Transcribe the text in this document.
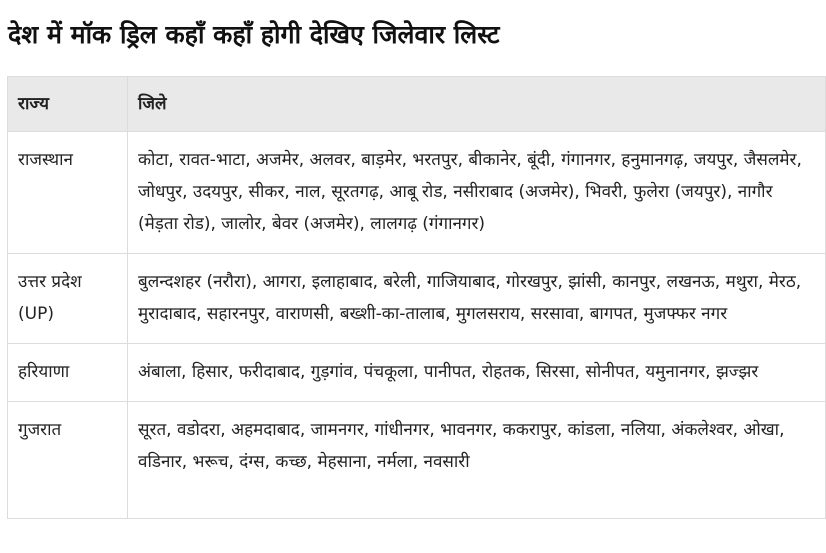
देश में मॉक ड्रिल कहाँ कहाँ होगी देखिए जिलेवार लिस्ट
राज्य	जिले
राजस्थान	कोटा, रावत-भाटा, अजमेर, अलवर, बाड़मेर, भरतपुर, बीकानेर, बूंदी, गंगानगर, हनुमानगढ़, जयपुर, जैसलमेर, जोधपुर, उदयपुर, सीकर, नाल, सूरतगढ़, आबू रोड, नसीराबाद (अजमेर), भिवरी, फुलेरा (जयपुर), नागौर (मेड़ता रोड), जालोर, बेवर (अजमेर), लालगढ़ (गंगानगर)
उत्तर प्रदेश (UP)	बुलन्दशहर (नरौरा), आगरा, इलाहाबाद, बरेली, गाजियाबाद, गोरखपुर, झांसी, कानपुर, लखनऊ, मथुरा, मेरठ, मुरादाबाद, सहारनपुर, वाराणसी, बख्शी-का-तालाब, मुगलसराय, सरसावा, बागपत, मुजफ्फर नगर
हरियाणा	अंबाला, हिसार, फरीदाबाद, गुड़गांव, पंचकूला, पानीपत, रोहतक, सिरसा, सोनीपत, यमुनानगर, झज्झर
गुजरात	सूरत, वडोदरा, अहमदाबाद, जामनगर, गांधीनगर, भावनगर, ककरापुर, कांडला, नलिया, अंकलेश्वर, ओखा, वडिनार, भरूच, दंग्स, कच्छ, मेहसाना, नर्मला, नवसारी
